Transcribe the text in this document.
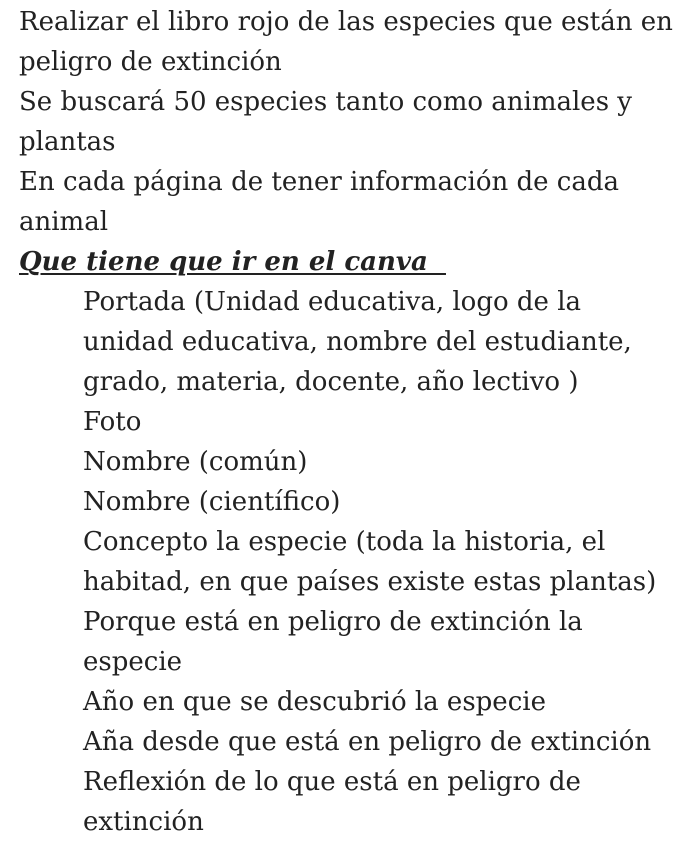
Realizar el libro rojo de las especies que están en peligro de extinción

Se buscará 50 especies tanto como animales y plantas

En cada página de tener información de cada animal

Que tiene que ir en el canva

Portada (Unidad educativa, logo de la unidad educativa, nombre del estudiante, grado, materia, docente, año lectivo )
Foto
Nombre (común)
Nombre (científico)
Concepto la especie (toda la historia, el habitad, en que países existe estas plantas)
Porque está en peligro de extinción la especie
Año en que se descubrió la especie
Aña desde que está en peligro de extinción
Reflexión de lo que está en peligro de extinción
